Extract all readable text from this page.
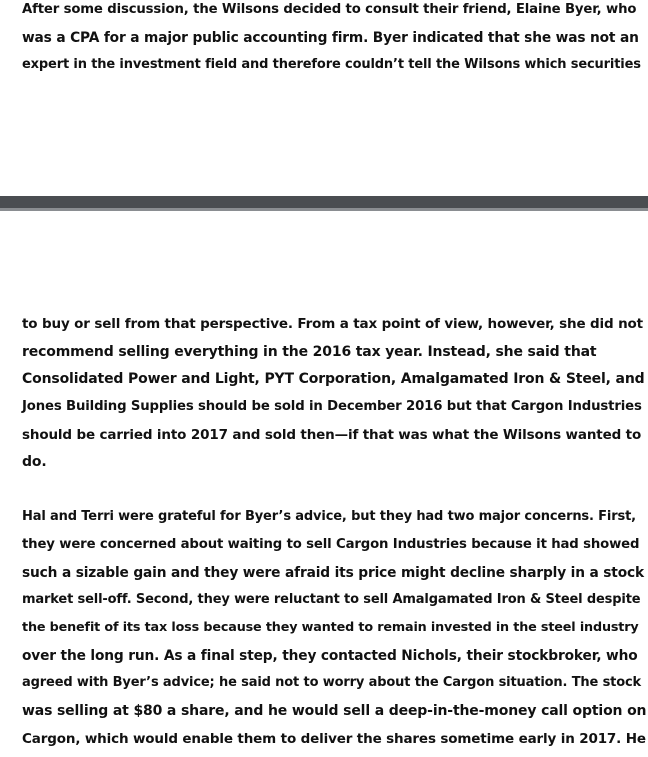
After some discussion, the Wilsons decided to consult their friend, Elaine Byer, who
was a CPA for a major public accounting firm. Byer indicated that she was not an
expert in the investment field and therefore couldn’t tell the Wilsons which securities
to buy or sell from that perspective. From a tax point of view, however, she did not
recommend selling everything in the 2016 tax year. Instead, she said that
Consolidated Power and Light, PYT Corporation, Amalgamated Iron & Steel, and
Jones Building Supplies should be sold in December 2016 but that Cargon Industries
should be carried into 2017 and sold then—if that was what the Wilsons wanted to
do.
Hal and Terri were grateful for Byer’s advice, but they had two major concerns. First,
they were concerned about waiting to sell Cargon Industries because it had showed
such a sizable gain and they were afraid its price might decline sharply in a stock
market sell-off. Second, they were reluctant to sell Amalgamated Iron & Steel despite
the benefit of its tax loss because they wanted to remain invested in the steel industry
over the long run. As a final step, they contacted Nichols, their stockbroker, who
agreed with Byer’s advice; he said not to worry about the Cargon situation. The stock
was selling at $80 a share, and he would sell a deep-in-the-money call option on
Cargon, which would enable them to deliver the shares sometime early in 2017. He
